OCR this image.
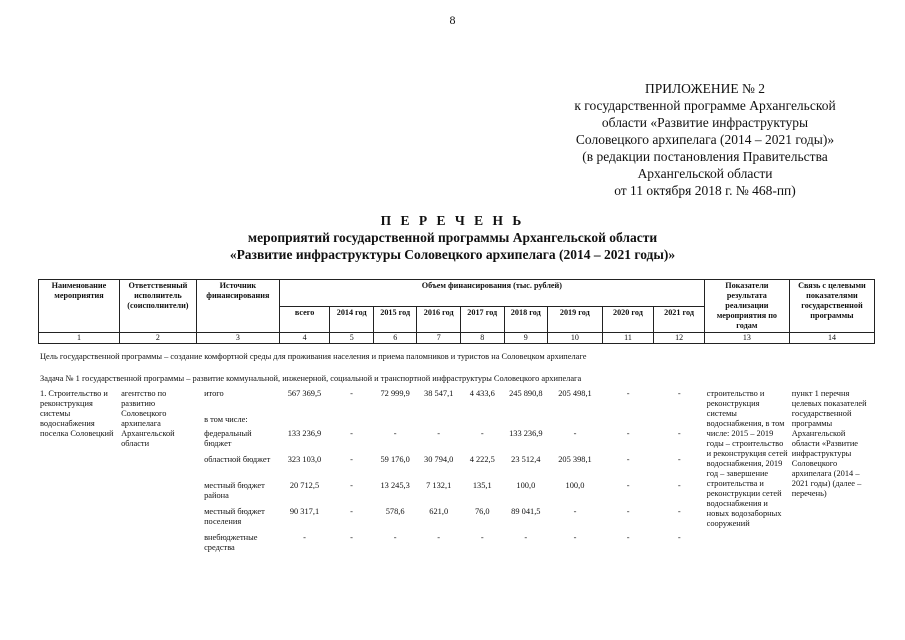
8
ПРИЛОЖЕНИЕ № 2
к государственной программе Архангельской
области «Развитие инфраструктуры
Соловецкого архипелага (2014 – 2021 годы)»
(в редакции постановления Правительства
Архангельской области
от 11 октября 2018 г. № 468-пп)
П Е Р Е Ч Е Н Ь
мероприятий государственной программы Архангельской области
«Развитие инфраструктуры Соловецкого архипелага (2014 – 2021 годы)»
Наименование мероприятия	Ответственный исполнитель (соисполнители)	Источник финансирования	Объем финансирования (тыс. рублей)									Показатели результата реализации мероприятия по годам	Связь с целевыми показателями государственной программы
			всего	2014 год	2015 год	2016 год	2017 год	2018 год	2019 год	2020 год	2021 год		
1	2	3	4	5	6	7	8	9	10	11	12	13	14
Цель государственной программы – создание комфортной среды для проживания населения и приема паломников и туристов на Соловецком архипелаге
Задача № 1 государственной программы – развитие коммунальной, инженерной, социальной и транспортной инфраструктуры Соловецкого архипелага
1. Строительство и реконструкция системы водоснабжения поселка Соловецкий	агентство по развитию Соловецкого архипелага Архангельской области	итого	567 369,5	-	72 999,9	38 547,1	4 433,6	245 890,8	205 498,1	-	-	строительство и реконструкция системы водоснабжения, в том числе: 2015 – 2019 годы – строительство и реконструкция сетей водоснабжения, 2019 год – завершение строительства и реконструкции сетей водоснабжения и новых водозаборных сооружений	пункт 1 перечня целевых показателей государственной программы Архангельской области «Развитие инфраструктуры Соловецкого архипелага (2014 – 2021 годы) (далее – перечень)
		в том числе:											
		федеральный бюджет	133 236,9	-	-	-	-	133 236,9	-	-	-		
		областной бюджет	323 103,0	-	59 176,0	30 794,0	4 222,5	23 512,4	205 398,1	-	-		
		местный бюджет района	20 712,5	-	13 245,3	7 132,1	135,1	100,0	100,0	-	-		
		местный бюджет поселения	90 317,1	-	578,6	621,0	76,0	89 041,5	-	-	-		
		внебюджетные средства	-	-	-	-	-	-	-	-	-		
